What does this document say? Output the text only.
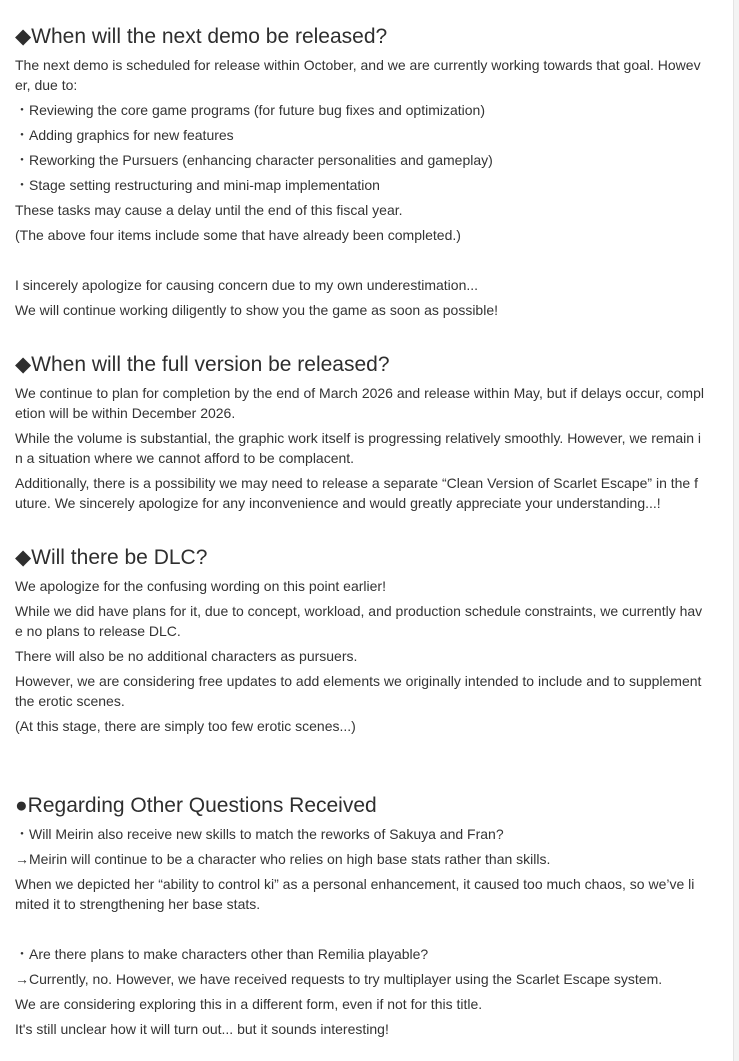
◆When will the next demo be released?

The next demo is scheduled for release within October, and we are currently working towards that goal. However, due to:

・Reviewing the core game programs (for future bug fixes and optimization)

・Adding graphics for new features

・Reworking the Pursuers (enhancing character personalities and gameplay)

・Stage setting restructuring and mini-map implementation

These tasks may cause a delay until the end of this fiscal year.

(The above four items include some that have already been completed.)

I sincerely apologize for causing concern due to my own underestimation...

We will continue working diligently to show you the game as soon as possible!

◆When will the full version be released?

We continue to plan for completion by the end of March 2026 and release within May, but if delays occur, completion will be within December 2026.

While the volume is substantial, the graphic work itself is progressing relatively smoothly. However, we remain in a situation where we cannot afford to be complacent.

Additionally, there is a possibility we may need to release a separate “Clean Version of Scarlet Escape” in the future. We sincerely apologize for any inconvenience and would greatly appreciate your understanding...!

◆Will there be DLC?

We apologize for the confusing wording on this point earlier!

While we did have plans for it, due to concept, workload, and production schedule constraints, we currently have no plans to release DLC.

There will also be no additional characters as pursuers.

However, we are considering free updates to add elements we originally intended to include and to supplement the erotic scenes.

(At this stage, there are simply too few erotic scenes...)

●Regarding Other Questions Received

・Will Meirin also receive new skills to match the reworks of Sakuya and Fran?

→Meirin will continue to be a character who relies on high base stats rather than skills.

When we depicted her “ability to control ki” as a personal enhancement, it caused too much chaos, so we’ve limited it to strengthening her base stats.

・Are there plans to make characters other than Remilia playable?

→Currently, no. However, we have received requests to try multiplayer using the Scarlet Escape system.

We are considering exploring this in a different form, even if not for this title.

It's still unclear how it will turn out... but it sounds interesting!
